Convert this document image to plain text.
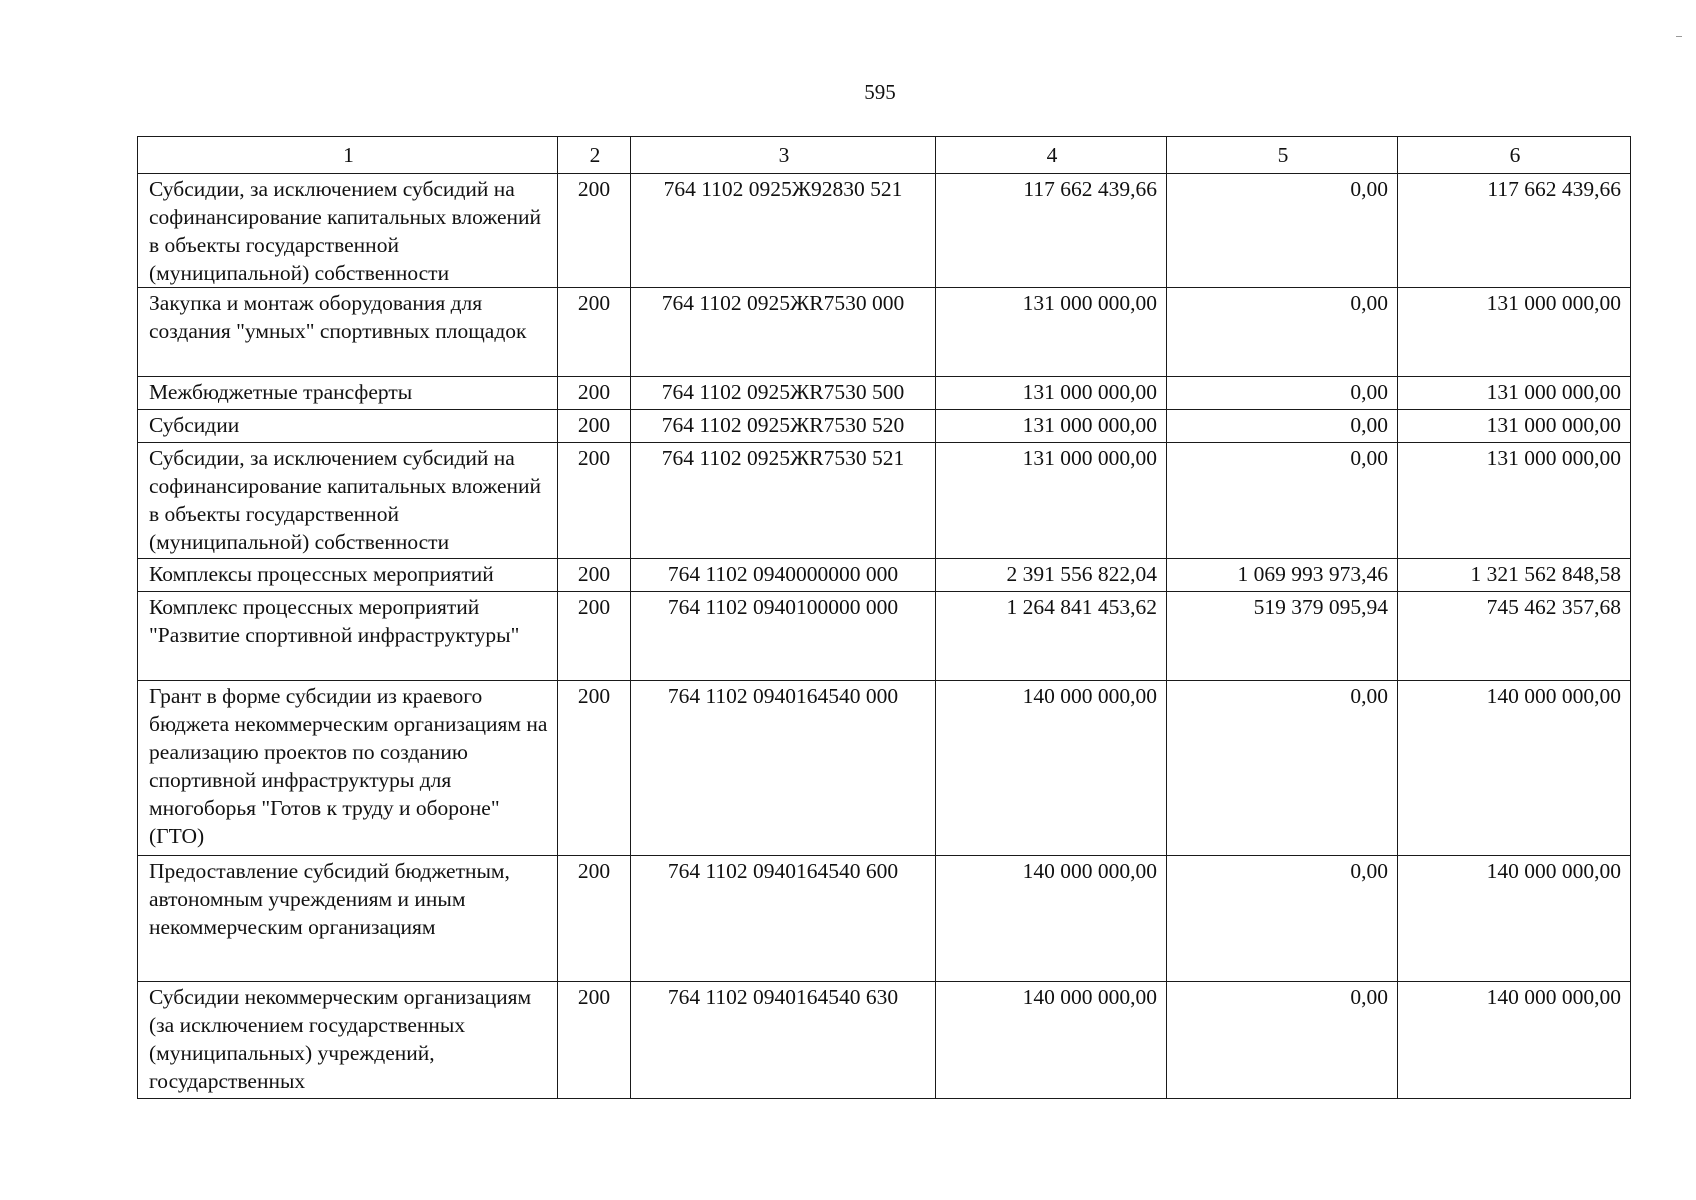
595
1	2	3	4	5	6
Субсидии, за исключением субсидий на софинансирование капитальных вложений в объекты государственной (муниципальной) собственности	200	764 1102 0925Ж92830 521	117 662 439,66	0,00	117 662 439,66
Закупка и монтаж оборудования для создания "умных" спортивных площадок	200	764 1102 0925ЖR7530 000	131 000 000,00	0,00	131 000 000,00
Межбюджетные трансферты	200	764 1102 0925ЖR7530 500	131 000 000,00	0,00	131 000 000,00
Субсидии	200	764 1102 0925ЖR7530 520	131 000 000,00	0,00	131 000 000,00
Субсидии, за исключением субсидий на софинансирование капитальных вложений в объекты государственной (муниципальной) собственности	200	764 1102 0925ЖR7530 521	131 000 000,00	0,00	131 000 000,00
Комплексы процессных мероприятий	200	764 1102 0940000000 000	2 391 556 822,04	1 069 993 973,46	1 321 562 848,58
Комплекс процессных мероприятий "Развитие спортивной инфраструктуры"	200	764 1102 0940100000 000	1 264 841 453,62	519 379 095,94	745 462 357,68
Грант в форме субсидии из краевого бюджета некоммерческим организациям на реализацию проектов по созданию спортивной инфраструктуры для многоборья "Готов к труду и обороне" (ГТО)	200	764 1102 0940164540 000	140 000 000,00	0,00	140 000 000,00
Предоставление субсидий бюджетным, автономным учреждениям и иным некоммерческим организациям	200	764 1102 0940164540 600	140 000 000,00	0,00	140 000 000,00
Субсидии некоммерческим организациям (за исключением государственных (муниципальных) учреждений, государственных	200	764 1102 0940164540 630	140 000 000,00	0,00	140 000 000,00
